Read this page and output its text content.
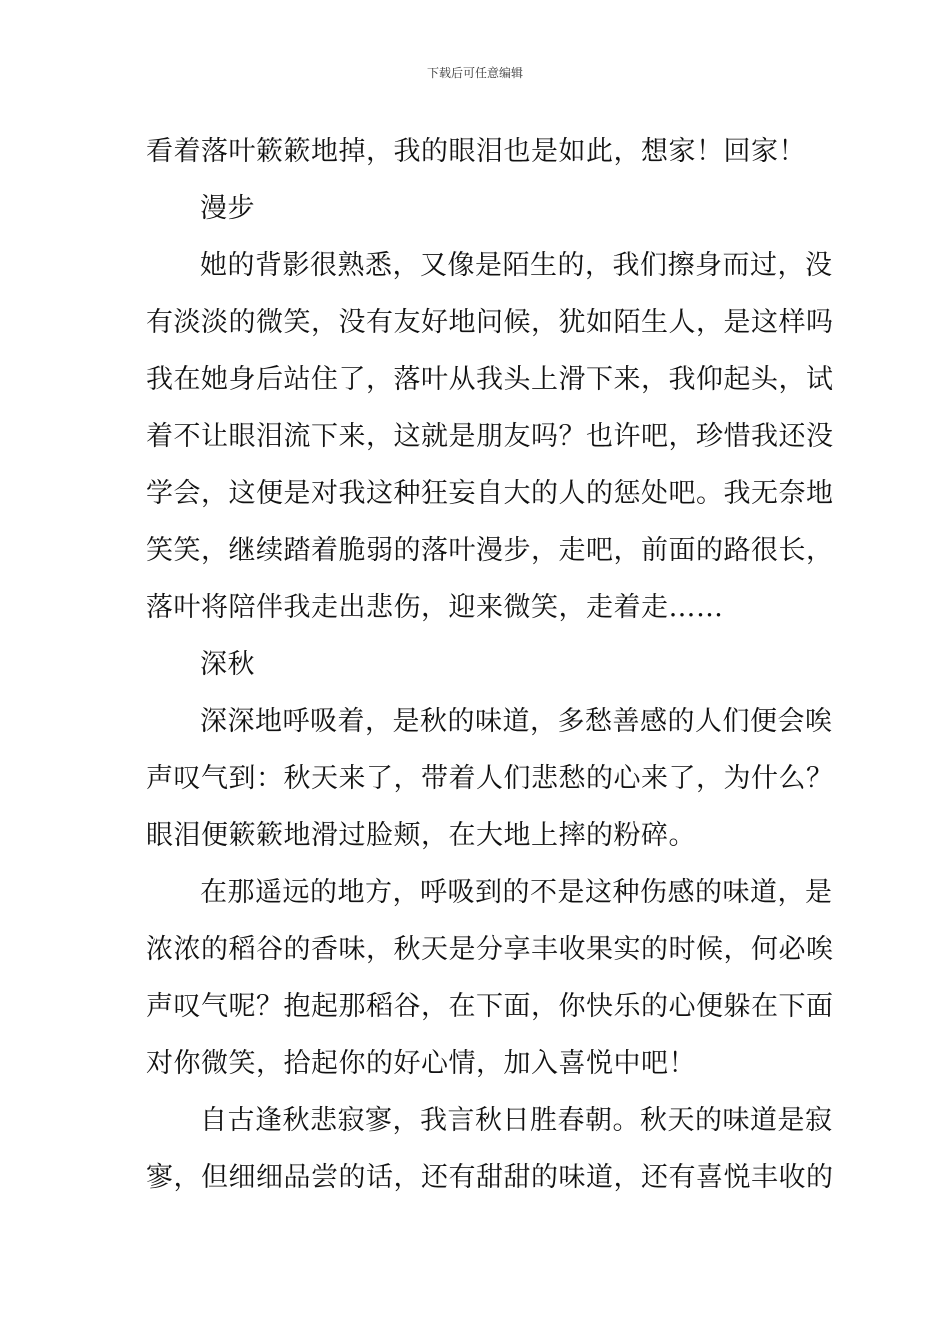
下载后可任意编辑
看着落叶簌簌地掉，我的眼泪也是如此，想家！回家！
漫步
她的背影很熟悉，又像是陌生的，我们擦身而过，没
有淡淡的微笑，没有友好地问候，犹如陌生人，是这样吗
我在她身后站住了，落叶从我头上滑下来，我仰起头，试
着不让眼泪流下来，这就是朋友吗？也许吧，珍惜我还没
学会，这便是对我这种狂妄自大的人的惩处吧。我无奈地
笑笑，继续踏着脆弱的落叶漫步，走吧，前面的路很长，
落叶将陪伴我走出悲伤，迎来微笑，走着走……
深秋
深深地呼吸着，是秋的味道，多愁善感的人们便会唉
声叹气到：秋天来了，带着人们悲愁的心来了，为什么？
眼泪便簌簌地滑过脸颊，在大地上摔的粉碎。
在那遥远的地方，呼吸到的不是这种伤感的味道，是
浓浓的稻谷的香味，秋天是分享丰收果实的时候，何必唉
声叹气呢？抱起那稻谷，在下面，你快乐的心便躲在下面
对你微笑，拾起你的好心情，加入喜悦中吧！
自古逢秋悲寂寥，我言秋日胜春朝。秋天的味道是寂
寥，但细细品尝的话，还有甜甜的味道，还有喜悦丰收的
